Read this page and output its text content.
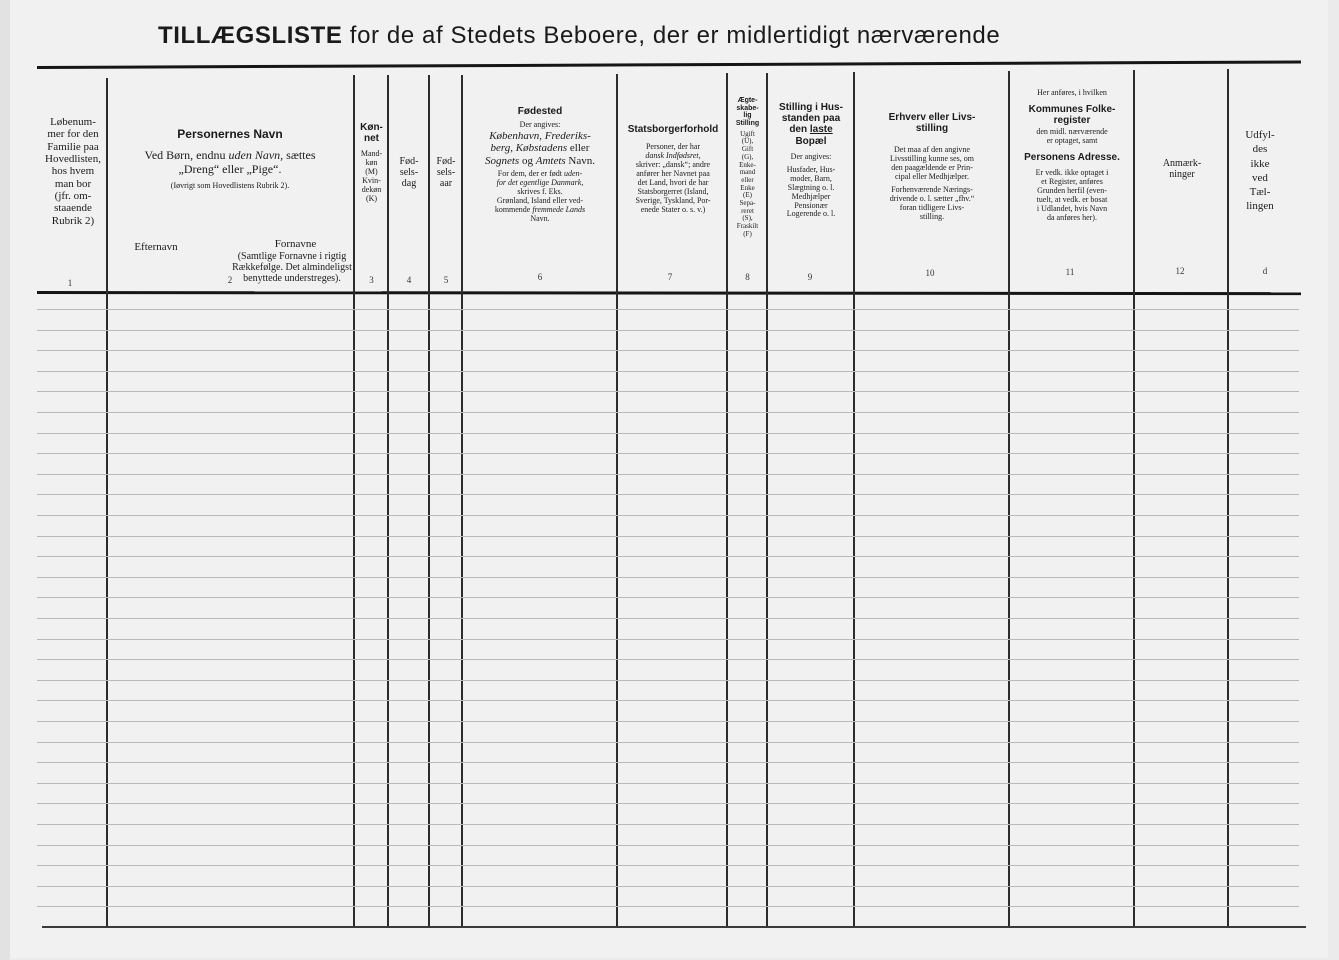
TILLÆGSLISTE for de af Stedets Beboere, der er midlertidigt nærværende
Løbenum-
mer for den
Familie paa
Hovedlisten,
hos hvem
man bor
(jfr. om-
staaende
Rubrik 2)
Personernes Navn
Ved Børn, endnu uden Navn, sættes
„Dreng“ eller „Pige“.
(Iøvrigt som Hovedlistens Rubrik 2).
Efternavn	Fornavne
(Samtlige Fornavne i rigtig Rækkefølge. Det almindeligst benyttede understreges).
Køn-
net
Mand-
køn
(M)
Kvin-
dekøn
(K)
Fød-
sels-
dag
Fød-
sels-
aar
Fødested
Der angives:
København, Frederiks-
berg, Købstadens eller
Sognets og Amtets Navn.
For dem, der er født uden-
for det egentlige Danmark,
skrives f. Eks.
Grønland, Island eller ved-
kommende fremmede Lands
Navn.
Statsborgerforhold
Personer, der har
dansk Indfødsret,
skriver: „dansk“; andre
anfører her Navnet paa
det Land, hvori de har
Statsborgerret (Island,
Sverige, Tyskland, Por-
enede Stater o. s. v.)
Ægte-
skabe-
lig
Stilling
Ugift
(U),
Gift
(G),
Enke-
mand
eller
Enke
(E)
Sepa-
reret
(S),
Fraskilt
(F)
Stilling i Hus-
standen paa
den laste
Bopæl
Der angives:
Husfader, Hus-
moder, Barn,
Slægtning o. l.
Medhjælper
Pensionær
Logerende o. l.
Erhverv eller Livs-
stilling
Det maa af den angivne
Livsstilling kunne ses, om
den paagældende er Prin-
cipal eller Medhjælper.
Forhenværende Nærings-
drivende o. l. sætter „fhv.“
foran tidligere Livs-
stilling.
Her anføres, i hvilken
Kommunes Folke-
register
den midl. nærværende
er optaget, samt
Personens Adresse.
Er vedk. ikke optaget i
et Register, anføres
Grunden herfil (even-
tuelt, at vedk. er bosat
i Udlandet, hvis Navn
da anføres her).
Anmærk-
ninger
Udfyl-
des
ikke
ved
Tæl-
lingen
1	2	3	4	5	6	7	8	9	10	11	12	d
